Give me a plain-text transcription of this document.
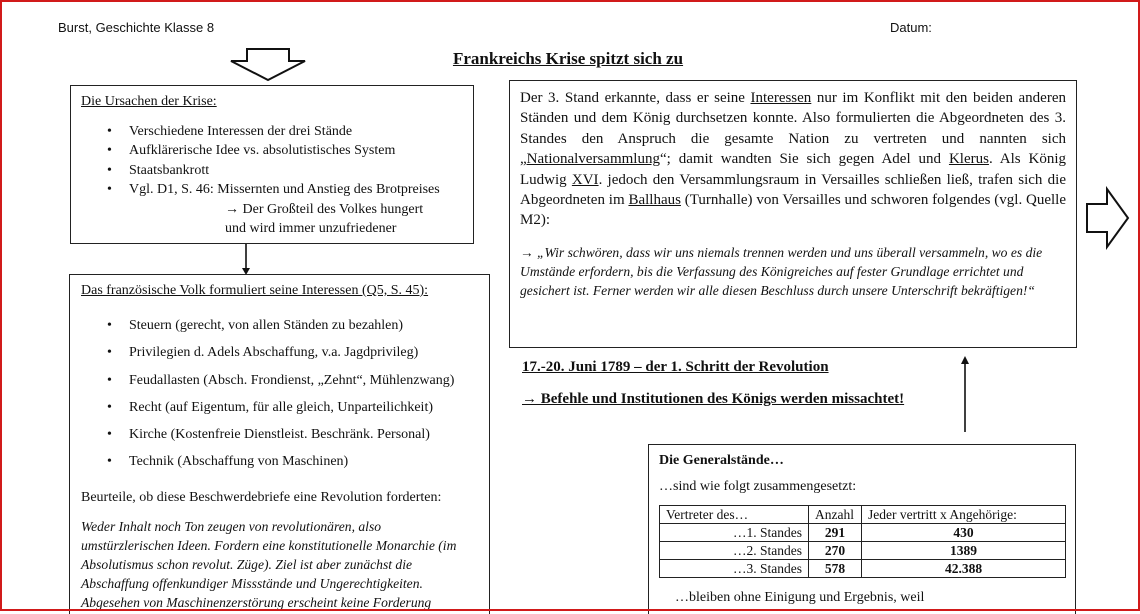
Burst, Geschichte Klasse 8	Datum:
Frankreichs Krise spitzt sich zu
Die Ursachen der Krise:
• Verschiedene Interessen der drei Stände
• Aufklärerische Idee vs. absolutistisches System
• Staatsbankrott
• Vgl. D1, S. 46: Missernten und Anstieg des Brotpreises
→ Der Großteil des Volkes hungert
und wird immer unzufriedener
Das französische Volk formuliert seine Interessen (Q5, S. 45):
• Steuern (gerecht, von allen Ständen zu bezahlen)
• Privilegien d. Adels Abschaffung, v.a. Jagdprivileg)
• Feudallasten (Absch. Frondienst, „Zehnt“, Mühlenzwang)
• Recht (auf Eigentum, für alle gleich, Unparteilichkeit)
• Kirche (Kostenfreie Dienstleist. Beschränk. Personal)
• Technik (Abschaffung von Maschinen)
Beurteile, ob diese Beschwerdebriefe eine Revolution forderten:
Weder Inhalt noch Ton zeugen von revolutionären, also umstürzlerischen Ideen. Fordern eine konstitutionelle Monarchie (im Absolutismus schon revolut. Züge). Ziel ist aber zunächst die Abschaffung offenkundiger Missstände und Ungerechtigkeiten. Abgesehen von Maschinenzerstörung erscheint keine Forderung
Der 3. Stand erkannte, dass er seine Interessen nur im Konflikt mit den beiden anderen Ständen und dem König durchsetzen konnte. Also formulierten die Abgeordneten des 3. Standes den Anspruch die gesamte Nation zu vertreten und nannten sich „Nationalversammlung“; damit wandten Sie sich gegen Adel und Klerus. Als König Ludwig XVI. jedoch den Versammlungsraum in Versailles schließen ließ, trafen sich die Abgeordneten im Ballhaus (Turnhalle) von Versailles und schworen folgendes (vgl. Quelle M2):
→ „Wir schwören, dass wir uns niemals trennen werden und uns überall versammeln, wo es die Umstände erfordern, bis die Verfassung des Königreiches auf fester Grundlage errichtet und gesichert ist. Ferner werden wir alle diesen Beschluss durch unsere Unterschrift bekräftigen!“
17.-20. Juni 1789 – der 1. Schritt der Revolution
→ Befehle und Institutionen des Königs werden missachtet!
Die Generalstände…
…sind wie folgt zusammengesetzt:
Vertreter des…	Anzahl	Jeder vertritt x Angehörige:
…1. Standes	291	430
…2. Standes	270	1389
…3. Standes	578	42.388
…bleiben ohne Einigung und Ergebnis, weil
